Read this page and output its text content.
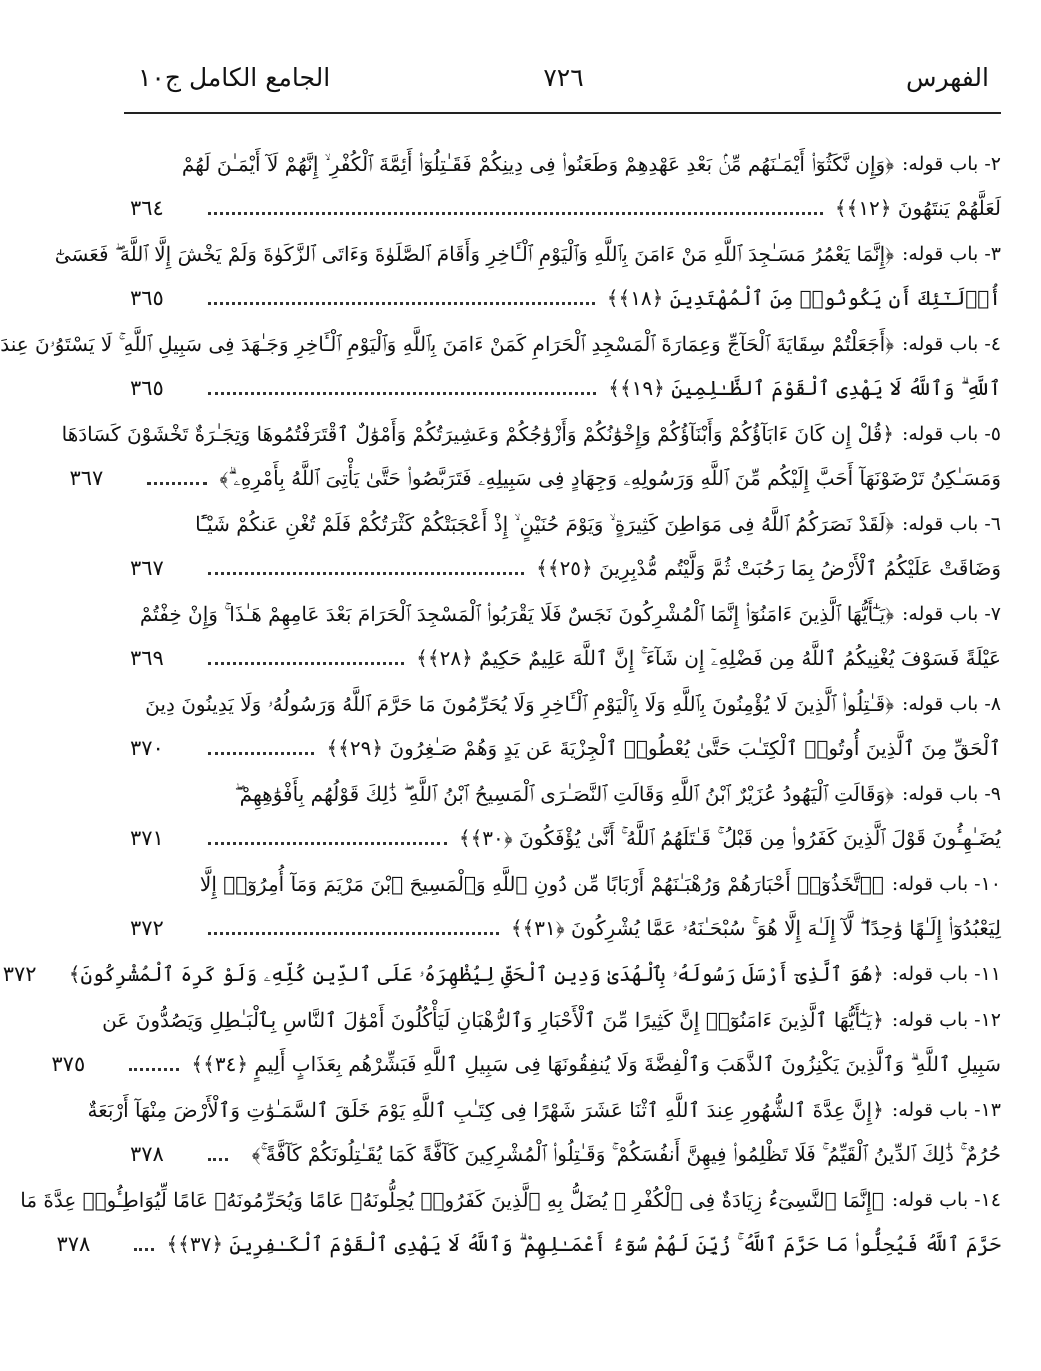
الفهرس
٧٢٦
الجامع الكامل ج١٠
٢- باب قوله:
﴿وَإِن نَّكَثُوٓا۟ أَيْمَـٰنَهُم مِّنۢ بَعْدِ عَهْدِهِمْ وَطَعَنُوا۟ فِى دِينِكُمْ فَقَـٰتِلُوٓا۟ أَئِمَّةَ ٱلْكُفْرِ ۙ إِنَّهُمْ لَآ أَيْمَـٰنَ لَهُمْ
لَعَلَّهُمْ يَنتَهُونَ ﴿١٢﴾﴾
٣٦٤
٣- باب قوله:
﴿إِنَّمَا يَعْمُرُ مَسَـٰجِدَ ٱللَّهِ مَنْ ءَامَنَ بِٱللَّهِ وَٱلْيَوْمِ ٱلْـَٔاخِرِ وَأَقَامَ ٱلصَّلَوٰةَ وَءَاتَى ٱلزَّكَوٰةَ وَلَمْ يَخْشَ إِلَّا ٱللَّهَ ۖ فَعَسَىٰٓ
أُو۟لَـٰٓئِكَ أَن يَكُونُوا۟ مِنَ ٱلْمُهْتَدِينَ ﴿١٨﴾﴾
٣٦٥
٤- باب قوله:
﴿أَجَعَلْتُمْ سِقَايَةَ ٱلْحَآجِّ وَعِمَارَةَ ٱلْمَسْجِدِ ٱلْحَرَامِ كَمَنْ ءَامَنَ بِٱللَّهِ وَٱلْيَوْمِ ٱلْـَٔاخِرِ وَجَـٰهَدَ فِى سَبِيلِ ٱللَّهِ ۚ لَا يَسْتَوُۥنَ عِندَ
ٱللَّهِ ۗ وَٱللَّهُ لَا يَهْدِى ٱلْقَوْمَ ٱلظَّـٰلِمِينَ ﴿١٩﴾﴾
٣٦٥
٥- باب قوله:
﴿قُلْ إِن كَانَ ءَابَآؤُكُمْ وَأَبْنَآؤُكُمْ وَإِخْوَٰنُكُمْ وَأَزْوَٰجُكُمْ وَعَشِيرَتُكُمْ وَأَمْوَٰلٌ ٱقْتَرَفْتُمُوهَا وَتِجَـٰرَةٌ تَخْشَوْنَ كَسَادَهَا
وَمَسَـٰكِنُ تَرْضَوْنَهَآ أَحَبَّ إِلَيْكُم مِّنَ ٱللَّهِ وَرَسُولِهِۦ وَجِهَادٍ فِى سَبِيلِهِۦ فَتَرَبَّصُوا۟ حَتَّىٰ يَأْتِىَ ٱللَّهُ بِأَمْرِهِۦ ۗ﴾
٣٦٧
٦- باب قوله:
﴿لَقَدْ نَصَرَكُمُ ٱللَّهُ فِى مَوَاطِنَ كَثِيرَةٍ ۙ وَيَوْمَ حُنَيْنٍ ۙ إِذْ أَعْجَبَتْكُمْ كَثْرَتُكُمْ فَلَمْ تُغْنِ عَنكُمْ شَيْـًٔا
وَضَاقَتْ عَلَيْكُمُ ٱلْأَرْضُ بِمَا رَحُبَتْ ثُمَّ وَلَّيْتُم مُّدْبِرِينَ ﴿٢٥﴾﴾
٣٦٧
٧- باب قوله:
﴿يَـٰٓأَيُّهَا ٱلَّذِينَ ءَامَنُوٓا۟ إِنَّمَا ٱلْمُشْرِكُونَ نَجَسٌ فَلَا يَقْرَبُوا۟ ٱلْمَسْجِدَ ٱلْحَرَامَ بَعْدَ عَامِهِمْ هَـٰذَا ۚ وَإِنْ خِفْتُمْ
عَيْلَةً فَسَوْفَ يُغْنِيكُمُ ٱللَّهُ مِن فَضْلِهِۦٓ إِن شَآءَ ۚ إِنَّ ٱللَّهَ عَلِيمٌ حَكِيمٌ ﴿٢٨﴾﴾
٣٦٩
٨- باب قوله:
﴿قَـٰتِلُوا۟ ٱلَّذِينَ لَا يُؤْمِنُونَ بِٱللَّهِ وَلَا بِٱلْيَوْمِ ٱلْـَٔاخِرِ وَلَا يُحَرِّمُونَ مَا حَرَّمَ ٱللَّهُ وَرَسُولُهُۥ وَلَا يَدِينُونَ دِينَ
ٱلْحَقِّ مِنَ ٱلَّذِينَ أُوتُوا۟ ٱلْكِتَـٰبَ حَتَّىٰ يُعْطُوا۟ ٱلْجِزْيَةَ عَن يَدٍ وَهُمْ صَـٰغِرُونَ ﴿٢٩﴾﴾
٣٧٠
٩- باب قوله:
﴿وَقَالَتِ ٱلْيَهُودُ عُزَيْرٌ ٱبْنُ ٱللَّهِ وَقَالَتِ ٱلنَّصَـٰرَى ٱلْمَسِيحُ ٱبْنُ ٱللَّهِ ۖ ذَٰلِكَ قَوْلُهُم بِأَفْوَٰهِهِمْ ۖ
يُضَـٰهِـُٔونَ قَوْلَ ٱلَّذِينَ كَفَرُوا۟ مِن قَبْلُ ۚ قَـٰتَلَهُمُ ٱللَّهُ ۚ أَنَّىٰ يُؤْفَكُونَ ﴿٣٠﴾﴾
٣٧١
١٠- باب قوله:
﴿ٱتَّخَذُوٓا۟ أَحْبَارَهُمْ وَرُهْبَـٰنَهُمْ أَرْبَابًا مِّن دُونِ ٱللَّهِ وَٱلْمَسِيحَ ٱبْنَ مَرْيَمَ وَمَآ أُمِرُوٓا۟ إِلَّا
لِيَعْبُدُوٓا۟ إِلَـٰهًا وَٰحِدًا ۖ لَّآ إِلَـٰهَ إِلَّا هُوَ ۚ سُبْحَـٰنَهُۥ عَمَّا يُشْرِكُونَ ﴿٣١﴾﴾
٣٧٢
١١- باب قوله:
﴿هُوَ ٱلَّذِىٓ أَرْسَلَ رَسُولَهُۥ بِٱلْهُدَىٰ وَدِينِ ٱلْحَقِّ لِيُظْهِرَهُۥ عَلَى ٱلدِّينِ كُلِّهِۦ وَلَوْ كَرِهَ ٱلْمُشْرِكُونَ﴾
٣٧٢
١٢- باب قوله:
﴿يَـٰٓأَيُّهَا ٱلَّذِينَ ءَامَنُوٓا۟ إِنَّ كَثِيرًا مِّنَ ٱلْأَحْبَارِ وَٱلرُّهْبَانِ لَيَأْكُلُونَ أَمْوَٰلَ ٱلنَّاسِ بِٱلْبَـٰطِلِ وَيَصُدُّونَ عَن
سَبِيلِ ٱللَّهِ ۗ وَٱلَّذِينَ يَكْنِزُونَ ٱلذَّهَبَ وَٱلْفِضَّةَ وَلَا يُنفِقُونَهَا فِى سَبِيلِ ٱللَّهِ فَبَشِّرْهُم بِعَذَابٍ أَلِيمٍ ﴿٣٤﴾﴾
٣٧٥
١٣- باب قوله:
﴿إِنَّ عِدَّةَ ٱلشُّهُورِ عِندَ ٱللَّهِ ٱثْنَا عَشَرَ شَهْرًا فِى كِتَـٰبِ ٱللَّهِ يَوْمَ خَلَقَ ٱلسَّمَـٰوَٰتِ وَٱلْأَرْضَ مِنْهَآ أَرْبَعَةٌ
حُرُمٌ ۚ ذَٰلِكَ ٱلدِّينُ ٱلْقَيِّمُ ۚ فَلَا تَظْلِمُوا۟ فِيهِنَّ أَنفُسَكُمْ ۚ وَقَـٰتِلُوا۟ ٱلْمُشْرِكِينَ كَآفَّةً كَمَا يُقَـٰتِلُونَكُمْ كَآفَّةً ۚ﴾
٣٧٨
١٤- باب قوله:
﴿إِنَّمَا ٱلنَّسِىٓءُ زِيَادَةٌ فِى ٱلْكُفْرِ ۖ يُضَلُّ بِهِ ٱلَّذِينَ كَفَرُوا۟ يُحِلُّونَهُۥ عَامًا وَيُحَرِّمُونَهُۥ عَامًا لِّيُوَاطِـُٔوا۟ عِدَّةَ مَا
حَرَّمَ ٱللَّهُ فَيُحِلُّوا۟ مَا حَرَّمَ ٱللَّهُ ۚ زُيِّنَ لَهُمْ سُوٓءُ أَعْمَـٰلِهِمْ ۗ وَٱللَّهُ لَا يَهْدِى ٱلْقَوْمَ ٱلْكَـٰفِرِينَ ﴿٣٧﴾﴾
٣٧٨
